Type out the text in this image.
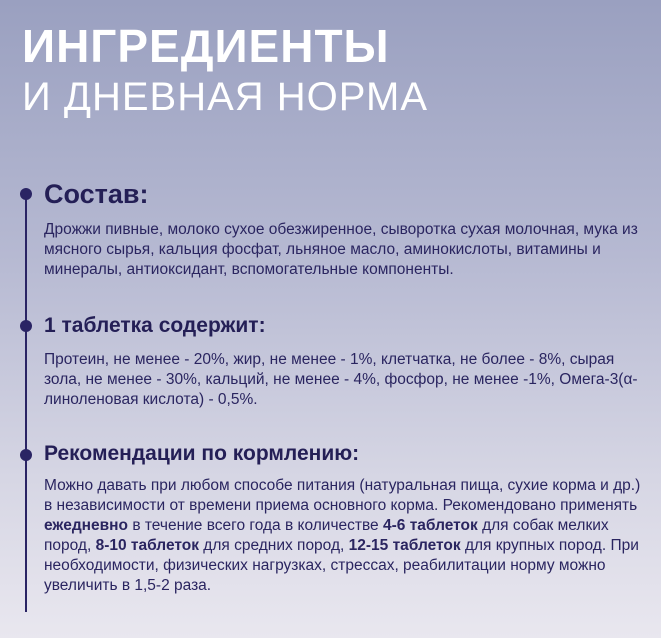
ИНГРЕДИЕНТЫ
И ДНЕВНАЯ НОРМА
Состав:
Дрожжи пивные, молоко сухое обезжиренное, сыворотка сухая молочная, мука из мясного сырья, кальция фосфат, льняное масло, аминокислоты, витамины и минералы, антиоксидант, вспомогательные компоненты.
1 таблетка содержит:
Протеин, не менее - 20%, жир, не менее - 1%, клетчатка, не более - 8%, сырая зола, не менее - 30%, кальций, не менее - 4%, фосфор, не менее -1%, Омега-3(α-линоленовая кислота) - 0,5%.
Рекомендации по кормлению:
Можно давать при любом способе питания (натуральная пища, сухие корма и др.) в независимости от времени приема основного корма. Рекомендовано применять ежедневно в течение всего года в количестве 4-6 таблеток для собак мелких пород, 8-10 таблеток для средних пород, 12-15 таблеток для крупных пород. При необходимости, физических нагрузках, стрессах, реабилитации норму можно увеличить в 1,5-2 раза.
